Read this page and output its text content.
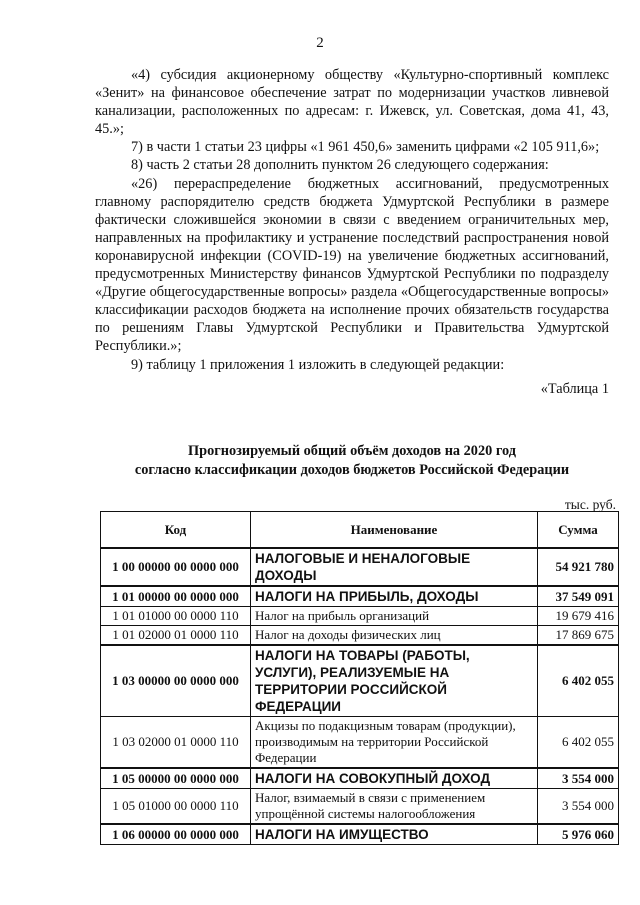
2

«4) субсидия акционерному обществу «Культурно-спортивный комплекс «Зенит» на финансовое обеспечение затрат по модернизации участков ливневой канализации, расположенных по адресам: г. Ижевск, ул. Советская, дома 41, 43, 45.»;

7) в части 1 статьи 23 цифры «1 961 450,6» заменить цифрами «2 105 911,6»;

8) часть 2 статьи 28 дополнить пунктом 26 следующего содержания:

«26) перераспределение бюджетных ассигнований, предусмотренных главному распорядителю средств бюджета Удмуртской Республики в размере фактически сложившейся экономии в связи с введением ограничительных мер, направленных на профилактику и устранение последствий распространения новой коронавирусной инфекции (COVID-19) на увеличение бюджетных ассигнований, предусмотренных Министерству финансов Удмуртской Республики по подразделу «Другие общегосударственные вопросы» раздела «Общегосударственные вопросы» классификации расходов бюджета на исполнение прочих обязательств государства по решениям Главы Удмуртской Республики и Правительства Удмуртской Республики.»;

9) таблицу 1 приложения 1 изложить в следующей редакции:

«Таблица 1

Прогнозируемый общий объём доходов на 2020 год
согласно классификации доходов бюджетов Российской Федерации
тыс. руб.
Код	Наименование	Сумма
1 00 00000 00 0000 000	НАЛОГОВЫЕ И НЕНАЛОГОВЫЕ ДОХОДЫ	54 921 780
1 01 00000 00 0000 000	НАЛОГИ НА ПРИБЫЛЬ, ДОХОДЫ	37 549 091
1 01 01000 00 0000 110	Налог на прибыль организаций	19 679 416
1 01 02000 01 0000 110	Налог на доходы физических лиц	17 869 675
1 03 00000 00 0000 000	НАЛОГИ НА ТОВАРЫ (РАБОТЫ, УСЛУГИ), РЕАЛИЗУЕМЫЕ НА ТЕРРИТОРИИ РОССИЙСКОЙ ФЕДЕРАЦИИ	6 402 055
1 03 02000 01 0000 110	Акцизы по подакцизным товарам (продукции), производимым на территории Российской Федерации	6 402 055
1 05 00000 00 0000 000	НАЛОГИ НА СОВОКУПНЫЙ ДОХОД	3 554 000
1 05 01000 00 0000 110	Налог, взимаемый в связи с применением упрощённой системы налогообложения	3 554 000
1 06 00000 00 0000 000	НАЛОГИ НА ИМУЩЕСТВО	5 976 060
